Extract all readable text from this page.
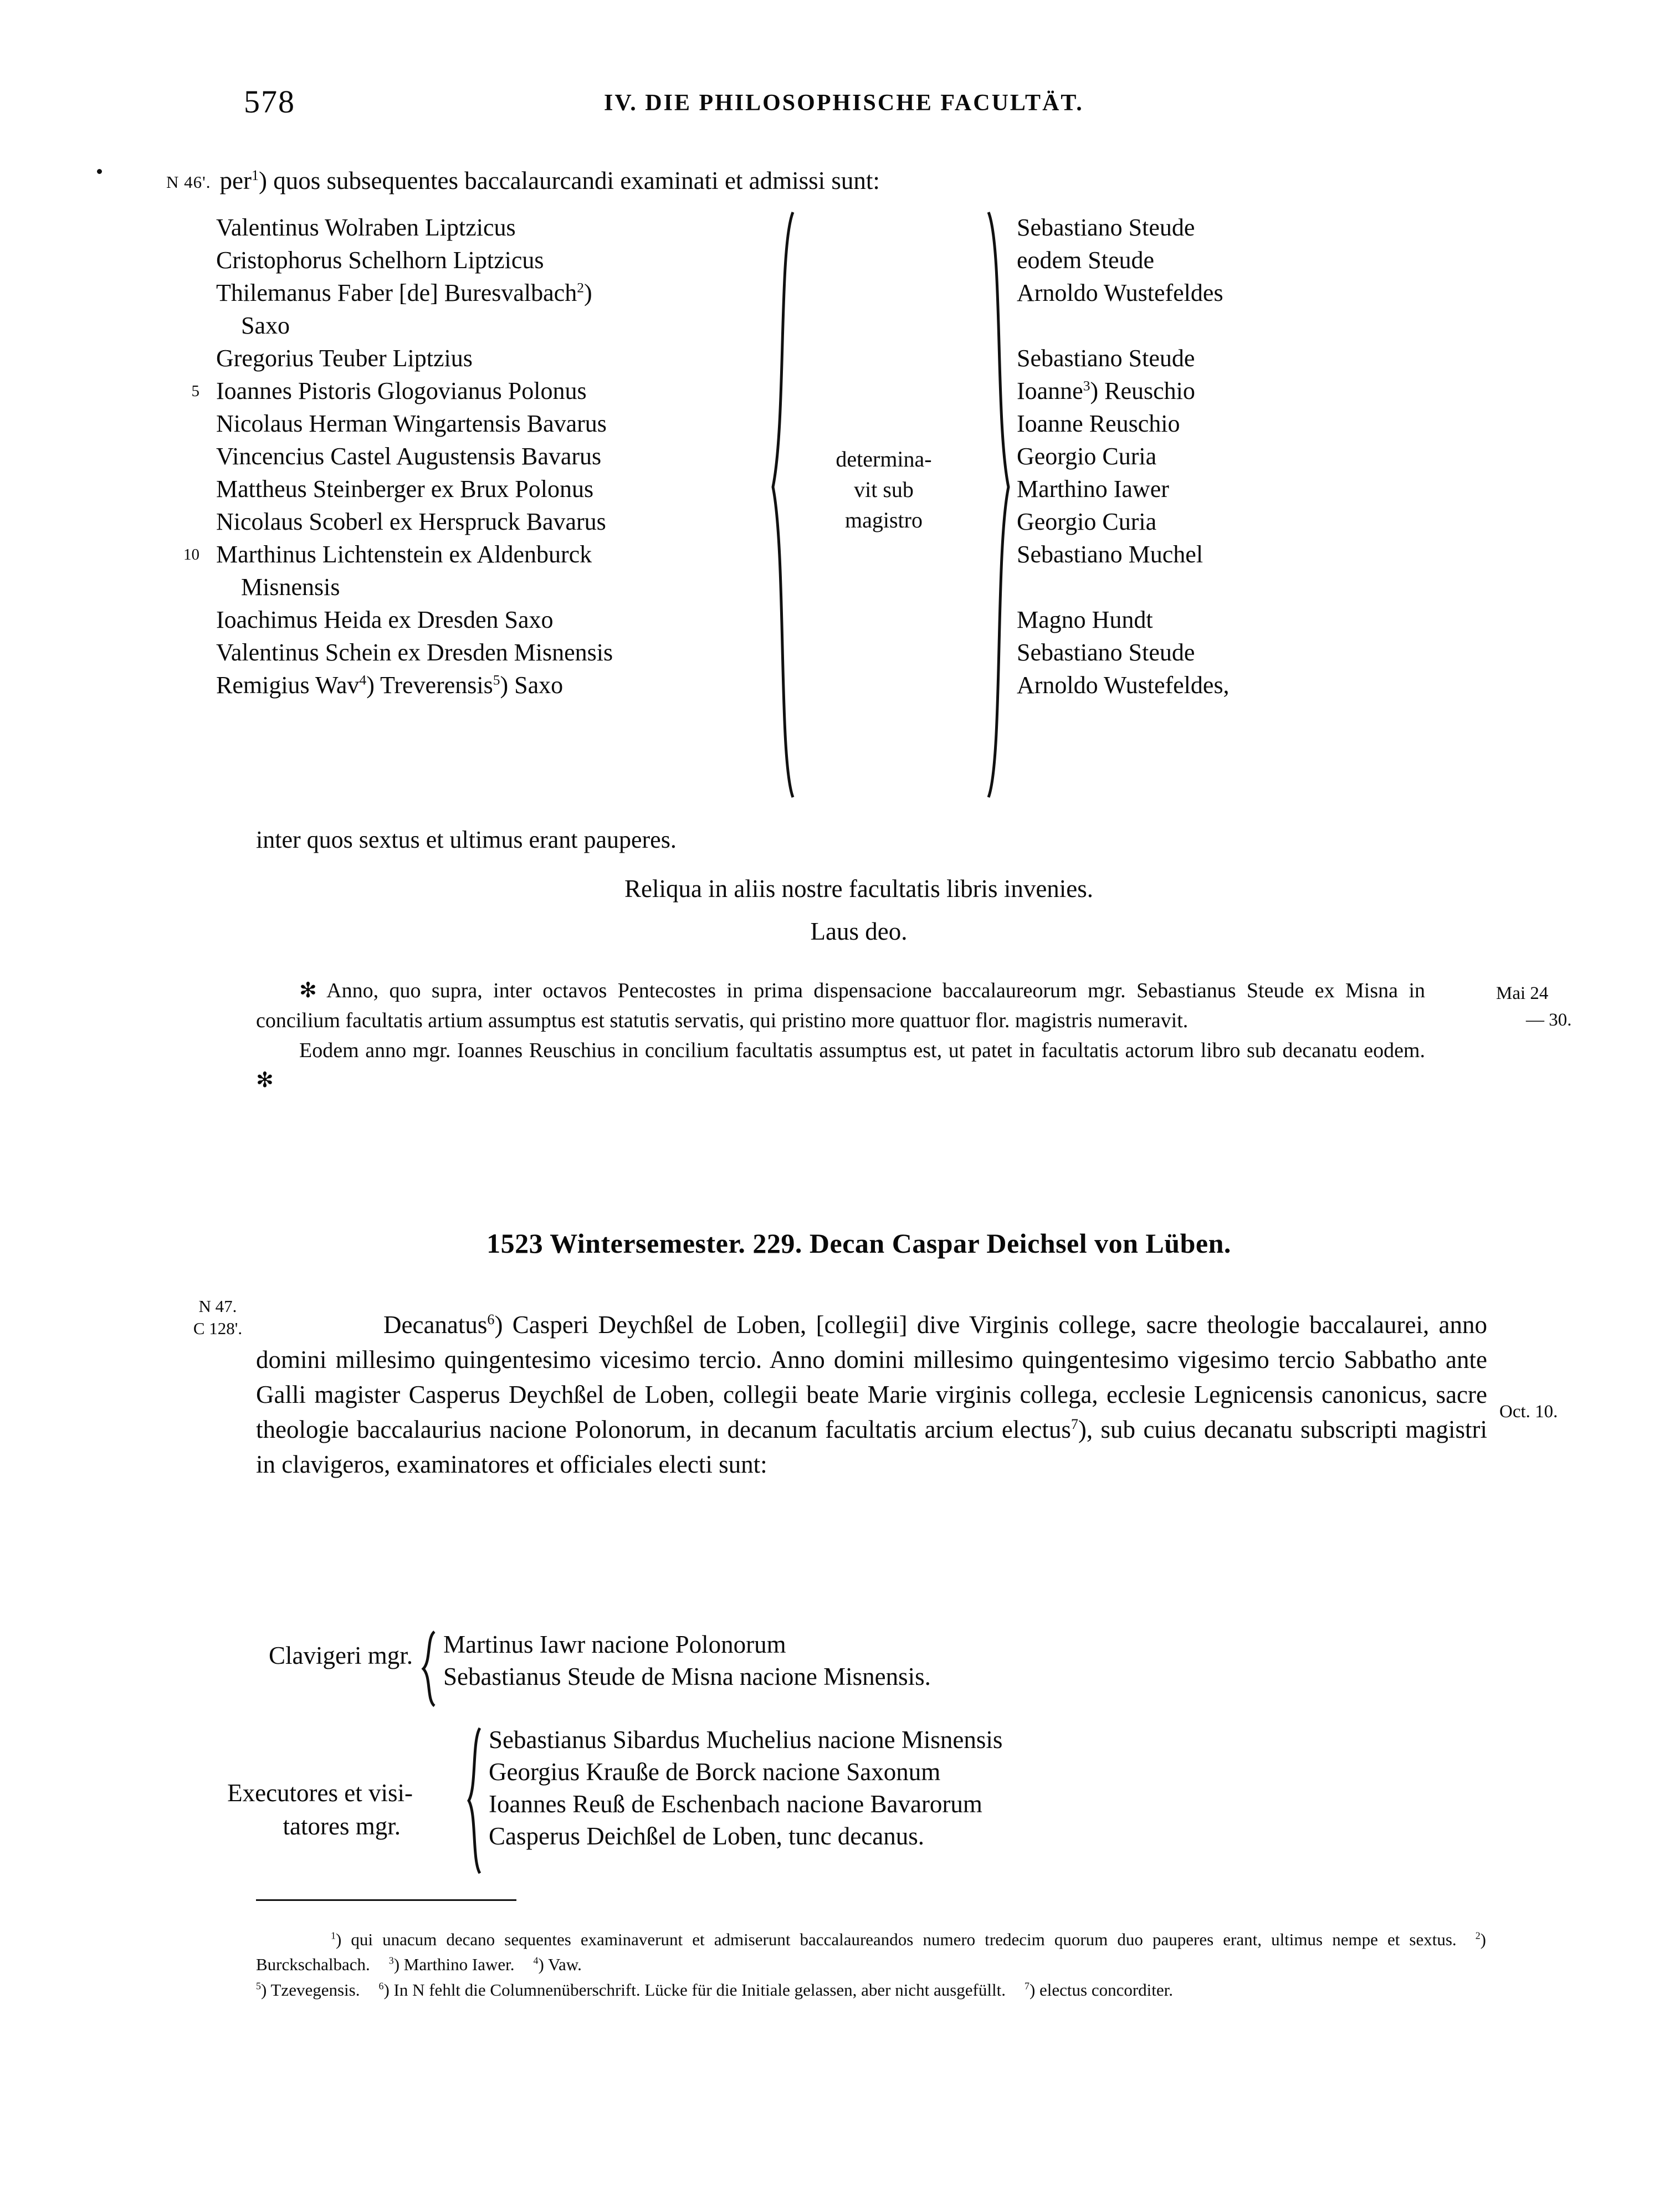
578	IV. DIE PHILOSOPHISCHE FACULTÄT.
N 46'. per$^1$) quos subsequentes baccalaurcandi examinati et admissi sunt:
Valentinus Wolraben Liptzicus
Cristophorus Schelhorn Liptzicus
Thilemanus Faber [de] Buresvalbach$^2$)
Saxo
Gregorius Teuber Liptzius
5 Ioannes Pistoris Glogovianus Polonus
Nicolaus Herman Wingartensis Bavarus
Vincencius Castel Augustensis Bavarus
Mattheus Steinberger ex Brux Polonus
Nicolaus Scoberl ex Herspruck Bavarus
10 Marthinus Lichtenstein ex Aldenburck
Misnensis
Ioachimus Heida ex Dresden Saxo
Valentinus Schein ex Dresden Misnensis
Remigius Wav$^4$) Treverensis$^5$) Saxo
determina-
vit sub
magistro
Sebastiano Steude
eodem Steude
Arnoldo Wustefeldes
Sebastiano Steude
Ioanne$^3$) Reuschio
Ioanne Reuschio
Georgio Curia
Marthino Iawer
Georgio Curia
Sebastiano Muchel
Magno Hundt
Sebastiano Steude
Arnoldo Wustefeldes,
inter quos sextus et ultimus erant pauperes.
Reliqua in aliis nostre facultatis libris invenies.
Laus deo.

✻ Anno, quo supra, inter octavos Pentecostes in prima dispensacione baccalaureorum mgr. Sebastianus Steude ex Misna in concilium facultatis artium assumptus est statutis servatis, qui pristino more quattuor flor. magistris numeravit.

Eodem anno mgr. Ioannes Reuschius in concilium facultatis assumptus est, ut patet in facultatis actorum libro sub decanatu eodem. ✻

Mai 24
— 30.
1523 Wintersemester. 229. Decan Caspar Deichsel von Lüben.
N 47.
C 128'.	Decanatus$^6$) Casperi Deychßel de Loben, [collegii] dive Virginis college, sacre theologie baccalaurei, anno domini millesimo quingentesimo vicesimo tercio. Anno domini millesimo quingentesimo vigesimo tercio Sabbatho ante Galli magister Casperus Deychßel de Loben, collegii beate Marie virginis collega, ecclesie Legnicensis canonicus, sacre theologie baccalaurius nacione Polonorum, in decanum facultatis arcium electus$^7$), sub cuius decanatu subscripti magistri in clavigeros, examinatores et officiales electi sunt:

Oct. 10.
Clavigeri mgr. Martinus Iawr nacione Polonorum
Sebastianus Steude de Misna nacione Misnensis.
Executores et visi-
tatores mgr.
Sebastianus Sibardus Muchelius nacione Misnensis
Georgius Krauße de Borck nacione Saxonum
Ioannes Reuß de Eschenbach nacione Bavarorum
Casperus Deichßel de Loben, tunc decanus.

$^1$) qui unacum decano sequentes examinaverunt et admiserunt baccalaureandos numero tredecim quorum duo pauperes erant, ultimus nempe et sextus. $^2$) Burckschalbach. $^3$) Marthino Iawer. $^4$) Vaw.

$^5$) Tzevegensis. $^6$) In N fehlt die Columnenüberschrift. Lücke für die Initiale gelassen, aber nicht ausgefüllt. $^7$) electus concorditer.
